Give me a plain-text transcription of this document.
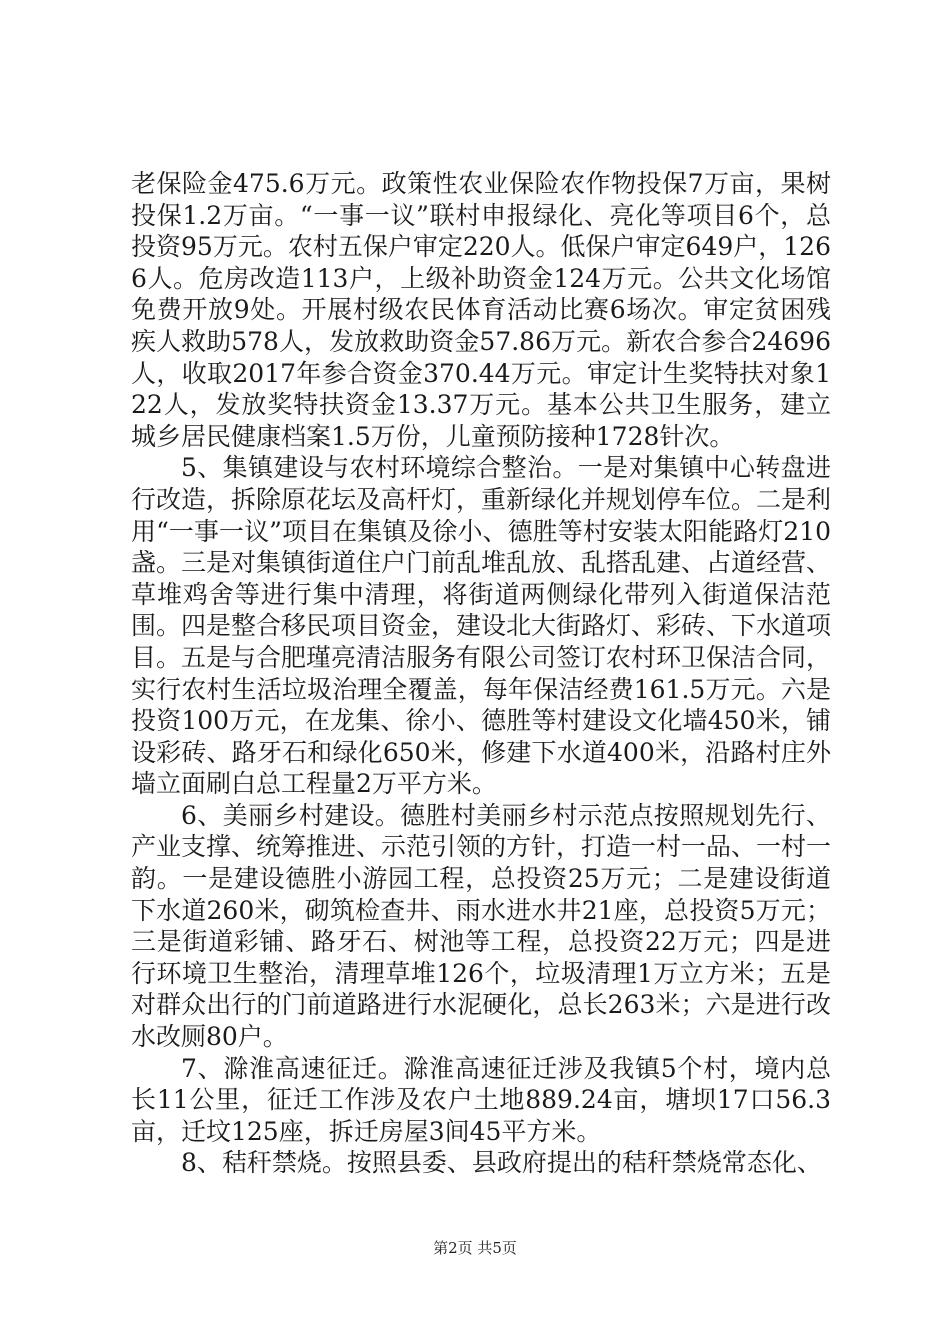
老保险金475.6万元。政策性农业保险农作物投保7万亩，果树投保1.2万亩。“一事一议”联村申报绿化、亮化等项目6个，总投资95万元。农村五保户审定220人。低保户审定649户，1266人。危房改造113户，上级补助资金124万元。公共文化场馆免费开放9处。开展村级农民体育活动比赛6场次。审定贫困残疾人救助578人，发放救助资金57.86万元。新农合参合24696人，收取2017年参合资金370.44万元。审定计生奖特扶对象122人，发放奖特扶资金13.37万元。基本公共卫生服务，建立城乡居民健康档案1.5万份，儿童预防接种1728针次。

5、集镇建设与农村环境综合整治。一是对集镇中心转盘进行改造，拆除原花坛及高杆灯，重新绿化并规划停车位。二是利用“一事一议”项目在集镇及徐小、德胜等村安装太阳能路灯210盏。三是对集镇街道住户门前乱堆乱放、乱搭乱建、占道经营、草堆鸡舍等进行集中清理，将街道两侧绿化带列入街道保洁范围。四是整合移民项目资金，建设北大街路灯、彩砖、下水道项目。五是与合肥瑾亮清洁服务有限公司签订农村环卫保洁合同，实行农村生活垃圾治理全覆盖，每年保洁经费161.5万元。六是投资100万元，在龙集、徐小、德胜等村建设文化墙450米，铺设彩砖、路牙石和绿化650米，修建下水道400米，沿路村庄外墙立面刷白总工程量2万平方米。

6、美丽乡村建设。德胜村美丽乡村示范点按照规划先行、产业支撑、统筹推进、示范引领的方针，打造一村一品、一村一韵。一是建设德胜小游园工程，总投资25万元；二是建设街道下水道260米，砌筑检查井、雨水进水井21座，总投资5万元；三是街道彩铺、路牙石、树池等工程，总投资22万元；四是进行环境卫生整治，清理草堆126个，垃圾清理1万立方米；五是对群众出行的门前道路进行水泥硬化，总长263米；六是进行改水改厕80户。

7、滁淮高速征迁。滁淮高速征迁涉及我镇5个村，境内总长11公里，征迁工作涉及农户土地889.24亩，塘坝17口56.3亩，迁坟125座，拆迁房屋3间45平方米。

8、秸秆禁烧。按照县委、县政府提出的秸秆禁烧常态化、

第2页 共5页
